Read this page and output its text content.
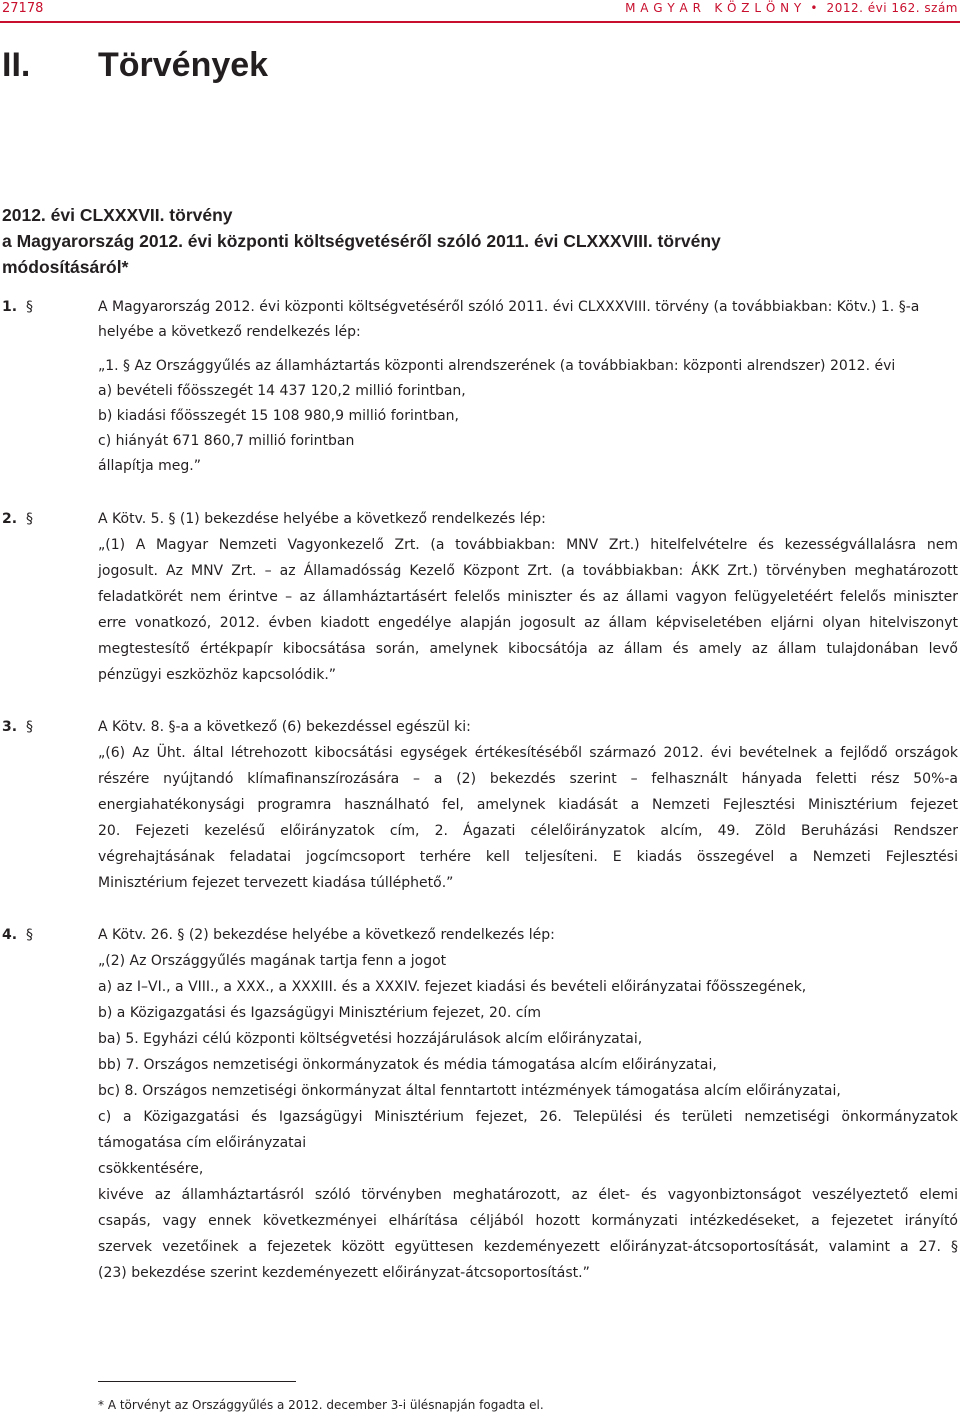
27178	M A G Y A R   K Ö Z L Ö N Y  •  2012. évi 162. szám
II. Törvények
2012. évi CLXXXVII. törvény
a Magyarország 2012. évi központi költségvetéséről szóló 2011. évi CLXXXVIII. törvény
módosításáról*
1. §	A Magyarország 2012. évi központi költségvetéséről szóló 2011. évi CLXXXVIII. törvény (a továbbiakban: Kötv.) 1. §-a
helyébe a következő rendelkezés lép:
„1. § Az Országgyűlés az államháztartás központi alrendszerének (a továbbiakban: központi alrendszer) 2012. évi
a) bevételi főösszegét 14 437 120,2 millió forintban,
b) kiadási főösszegét 15 108 980,9 millió forintban,
c) hiányát 671 860,7 millió forintban
állapítja meg.”
2. §	A Kötv. 5. § (1) bekezdése helyébe a következő rendelkezés lép:
„(1) A Magyar Nemzeti Vagyonkezelő Zrt. (a továbbiakban: MNV Zrt.) hitelfelvételre és kezességvállalásra nem
jogosult. Az MNV Zrt. – az Államadósság Kezelő Központ Zrt. (a továbbiakban: ÁKK Zrt.) törvényben meghatározott
feladatkörét nem érintve – az államháztartásért felelős miniszter és az állami vagyon felügyeletéért felelős miniszter
erre vonatkozó, 2012. évben kiadott engedélye alapján jogosult az állam képviseletében eljárni olyan hitelviszonyt
megtestesítő értékpapír kibocsátása során, amelynek kibocsátója az állam és amely az állam tulajdonában levő
pénzügyi eszközhöz kapcsolódik.”
3. §	A Kötv. 8. §-a a következő (6) bekezdéssel egészül ki:
„(6) Az Üht. által létrehozott kibocsátási egységek értékesítéséből származó 2012. évi bevételnek a fejlődő országok
részére nyújtandó klímafinanszírozására – a (2) bekezdés szerint – felhasznált hányada feletti rész 50%-a
energiahatékonysági programra használható fel, amelynek kiadását a Nemzeti Fejlesztési Minisztérium fejezet
20. Fejezeti kezelésű előirányzatok cím, 2. Ágazati célelőirányzatok alcím, 49. Zöld Beruházási Rendszer
végrehajtásának feladatai jogcímcsoport terhére kell teljesíteni. E kiadás összegével a Nemzeti Fejlesztési
Minisztérium fejezet tervezett kiadása túlléphető.”
4. §	A Kötv. 26. § (2) bekezdése helyébe a következő rendelkezés lép:
„(2) Az Országgyűlés magának tartja fenn a jogot
a) az I–VI., a VIII., a XXX., a XXXIII. és a XXXIV. fejezet kiadási és bevételi előirányzatai főösszegének,
b) a Közigazgatási és Igazságügyi Minisztérium fejezet, 20. cím
ba) 5. Egyházi célú központi költségvetési hozzájárulások alcím előirányzatai,
bb) 7. Országos nemzetiségi önkormányzatok és média támogatása alcím előirányzatai,
bc) 8. Országos nemzetiségi önkormányzat által fenntartott intézmények támogatása alcím előirányzatai,
c) a Közigazgatási és Igazságügyi Minisztérium fejezet, 26. Települési és területi nemzetiségi önkormányzatok
támogatása cím előirányzatai
csökkentésére,
kivéve az államháztartásról szóló törvényben meghatározott, az élet- és vagyonbiztonságot veszélyeztető elemi
csapás, vagy ennek következményei elhárítása céljából hozott kormányzati intézkedéseket, a fejezetet irányító
szervek vezetőinek a fejezetek között együttesen kezdeményezett előirányzat-átcsoportosítását, valamint a 27. §
(23) bekezdése szerint kezdeményezett előirányzat-átcsoportosítást.”
* A törvényt az Országgyűlés a 2012. december 3-i ülésnapján fogadta el.
